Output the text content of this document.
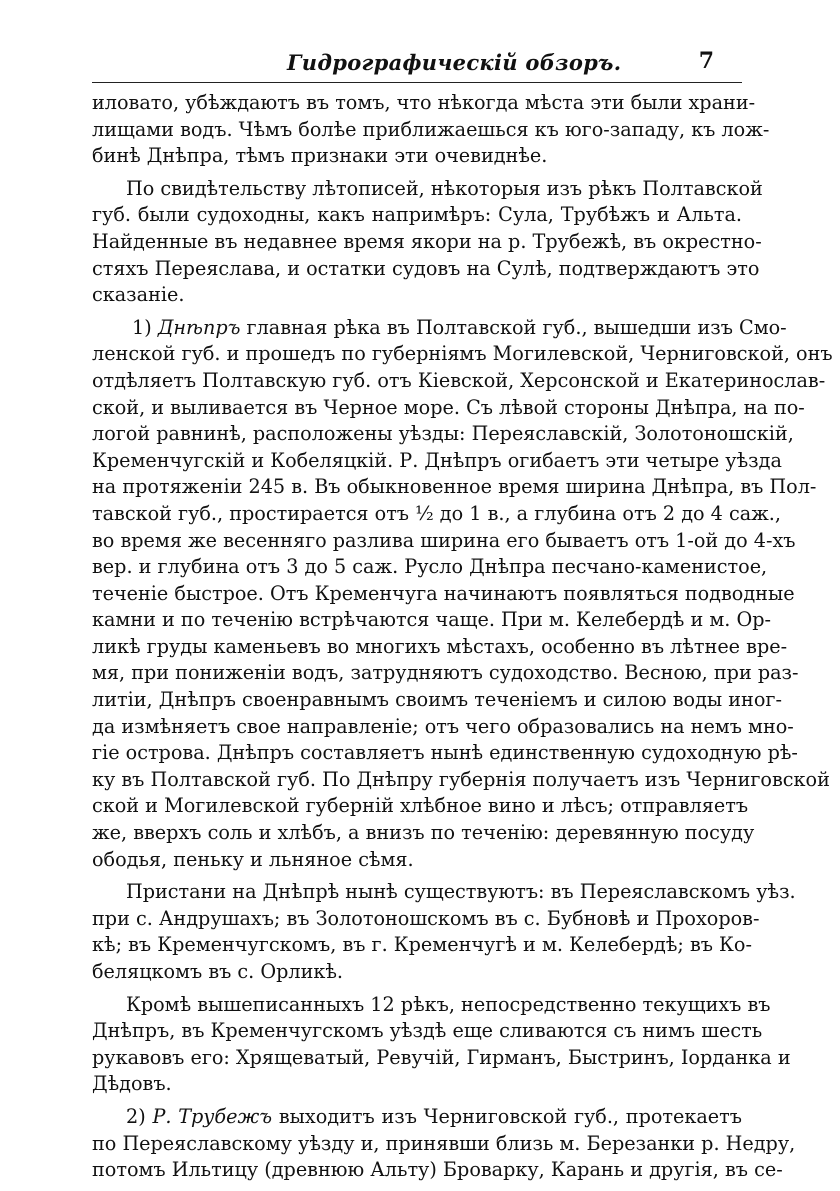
Гидрографическій обзоръ.	7
иловато, убѣждаютъ въ томъ, что нѣкогда мѣста эти были храни-
лищами водъ. Чѣмъ болѣе приближаешься къ юго-западу, къ лож-
бинѣ Днѣпра, тѣмъ признаки эти очевиднѣе.
По свидѣтельству лѣтописей, нѣкоторыя изъ рѣкъ Полтавской
губ. были судоходны, какъ напримѣръ: Сула, Трубѣжъ и Альта.
Найденные въ недавнее время якори на р. Трубежѣ, въ окрестно-
стяхъ Переяслава, и остатки судовъ на Сулѣ, подтверждаютъ это
сказаніе.
1) Днѣпръ главная рѣка въ Полтавской губ., вышедши изъ Смо-
ленской губ. и прошедъ по губерніямъ Могилевской, Черниговской, онъ
отдѣляетъ Полтавскую губ. отъ Кіевской, Херсонской и Екатеринослав-
ской, и выливается въ Черное море. Съ лѣвой стороны Днѣпра, на по-
логой равнинѣ, расположены уѣзды: Переяславскій, Золотоношскій,
Кременчугскій и Кобеляцкій. Р. Днѣпръ огибаетъ эти четыре уѣзда
на протяженіи 245 в. Въ обыкновенное время ширина Днѣпра, въ Пол-
тавской губ., простирается отъ ½ до 1 в., а глубина отъ 2 до 4 саж.,
во время же весенняго разлива ширина его бываетъ отъ 1-ой до 4-хъ
вер. и глубина отъ 3 до 5 саж. Русло Днѣпра песчано-каменистое,
теченіе быстрое. Отъ Кременчуга начинаютъ появляться подводные
камни и по теченію встрѣчаются чаще. При м. Келебердѣ и м. Ор-
ликѣ груды каменьевъ во многихъ мѣстахъ, особенно въ лѣтнее вре-
мя, при пониженіи водъ, затрудняютъ судоходство. Весною, при раз-
литіи, Днѣпръ своенравнымъ своимъ теченіемъ и силою воды иног-
да измѣняетъ свое направленіе; отъ чего образовались на немъ мно-
гіе острова. Днѣпръ составляетъ нынѣ единственную судоходную рѣ-
ку въ Полтавской губ. По Днѣпру губернія получаетъ изъ Черниговской
ской и Могилевской губерній хлѣбное вино и лѣсъ; отправляетъ
же, вверхъ соль и хлѣбъ, а внизъ по теченію: деревянную посуду
ободья, пеньку и льняное сѣмя.
Пристани на Днѣпрѣ нынѣ существуютъ: въ Переяславскомъ уѣз.
при с. Андрушахъ; въ Золотоношскомъ въ с. Бубновѣ и Прохоров-
кѣ; въ Кременчугскомъ, въ г. Кременчугѣ и м. Келебердѣ; въ Ко-
беляцкомъ въ с. Орликѣ.
Кромѣ вышеписанныхъ 12 рѣкъ, непосредственно текущихъ въ
Днѣпръ, въ Кременчугскомъ уѣздѣ еще сливаются съ нимъ шесть
рукавовъ его: Хрящеватый, Ревучій, Гирманъ, Быстринъ, Іорданка и
Дѣдовъ.
2) Р. Трубежъ выходитъ изъ Черниговской губ., протекаетъ
по Переяславскому уѣзду и, принявши близь м. Березанки р. Недру,
потомъ Ильтицу (древнюю Альту) Броварку, Карань и другія, въ се-
